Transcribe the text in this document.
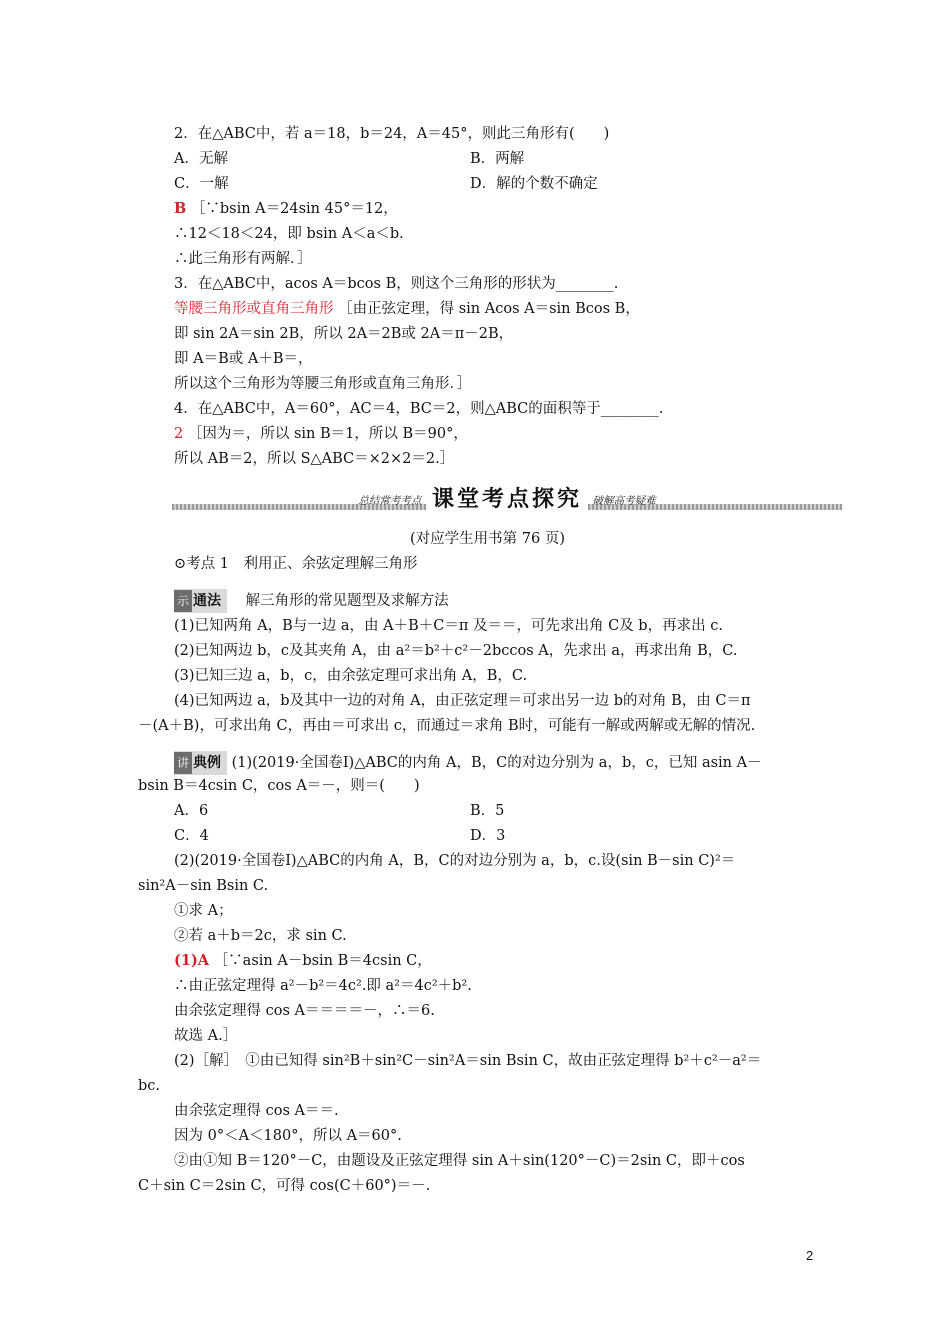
2．在△ABC中，若 a＝18，b＝24，A＝45°，则此三角形有(　　)
A．无解	B．两解
C．一解	D．解的个数不确定
B ［∵bsin A＝24sin 45°＝12，
∴12＜18＜24，即 bsin A＜a＜b.
∴此三角形有两解．］
3．在△ABC中，acos A＝bcos B，则这个三角形的形状为________.
等腰三角形或直角三角形 ［由正弦定理，得 sin Acos A＝sin Bcos B，
即 sin 2A＝sin 2B，所以 2A＝2B或 2A＝π－2B，
即 A＝B或 A＋B＝，
所以这个三角形为等腰三角形或直角三角形．］
4．在△ABC中，A＝60°，AC＝4，BC＝2，则△ABC的面积等于________.
2 ［因为＝，所以 sin B＝1，所以 B＝90°，
所以 AB＝2，所以 S△ABC＝×2×2＝2.］
总结常考考点 课堂考点探究 破解高考疑难
(对应学生用书第 76 页)
⊙考点 1　利用正、余弦定理解三角形
示 通法 解三角形的常见题型及求解方法
(1)已知两角 A，B与一边 a，由 A＋B＋C＝π 及＝＝，可先求出角 C及 b，再求出 c.
(2)已知两边 b，c及其夹角 A，由 a²＝b²＋c²－2bccos A，先求出 a，再求出角 B，C.
(3)已知三边 a，b，c，由余弦定理可求出角 A，B，C.
(4)已知两边 a，b及其中一边的对角 A，由正弦定理＝可求出另一边 b的对角 B，由 C＝π
－(A＋B)，可求出角 C，再由＝可求出 c，而通过＝求角 B时，可能有一解或两解或无解的情况.
讲 典例 (1)(2019·全国卷Ⅰ)△ABC的内角 A，B，C的对边分别为 a，b，c，已知 asin A－
bsin B＝4csin C，cos A＝－，则＝(　　)
A．6	B．5
C．4	D．3
(2)(2019·全国卷Ⅰ)△ABC的内角 A，B，C的对边分别为 a，b，c.设(sin B－sin C)²＝
sin²A－sin Bsin C.
①求 A；
②若 a＋b＝2c，求 sin C.
(1)A ［∵asin A－bsin B＝4csin C，
∴由正弦定理得 a²－b²＝4c².即 a²＝4c²＋b².
由余弦定理得 cos A＝＝＝＝－，∴＝6.
故选 A.］
(2)［解］　①由已知得 sin²B＋sin²C－sin²A＝sin Bsin C，故由正弦定理得 b²＋c²－a²＝
bc.
由余弦定理得 cos A＝＝.
因为 0°＜A＜180°，所以 A＝60°.
②由①知 B＝120°－C，由题设及正弦定理得 sin A＋sin(120°－C)＝2sin C，即＋cos
C＋sin C＝2sin C，可得 cos(C＋60°)＝－.
2
